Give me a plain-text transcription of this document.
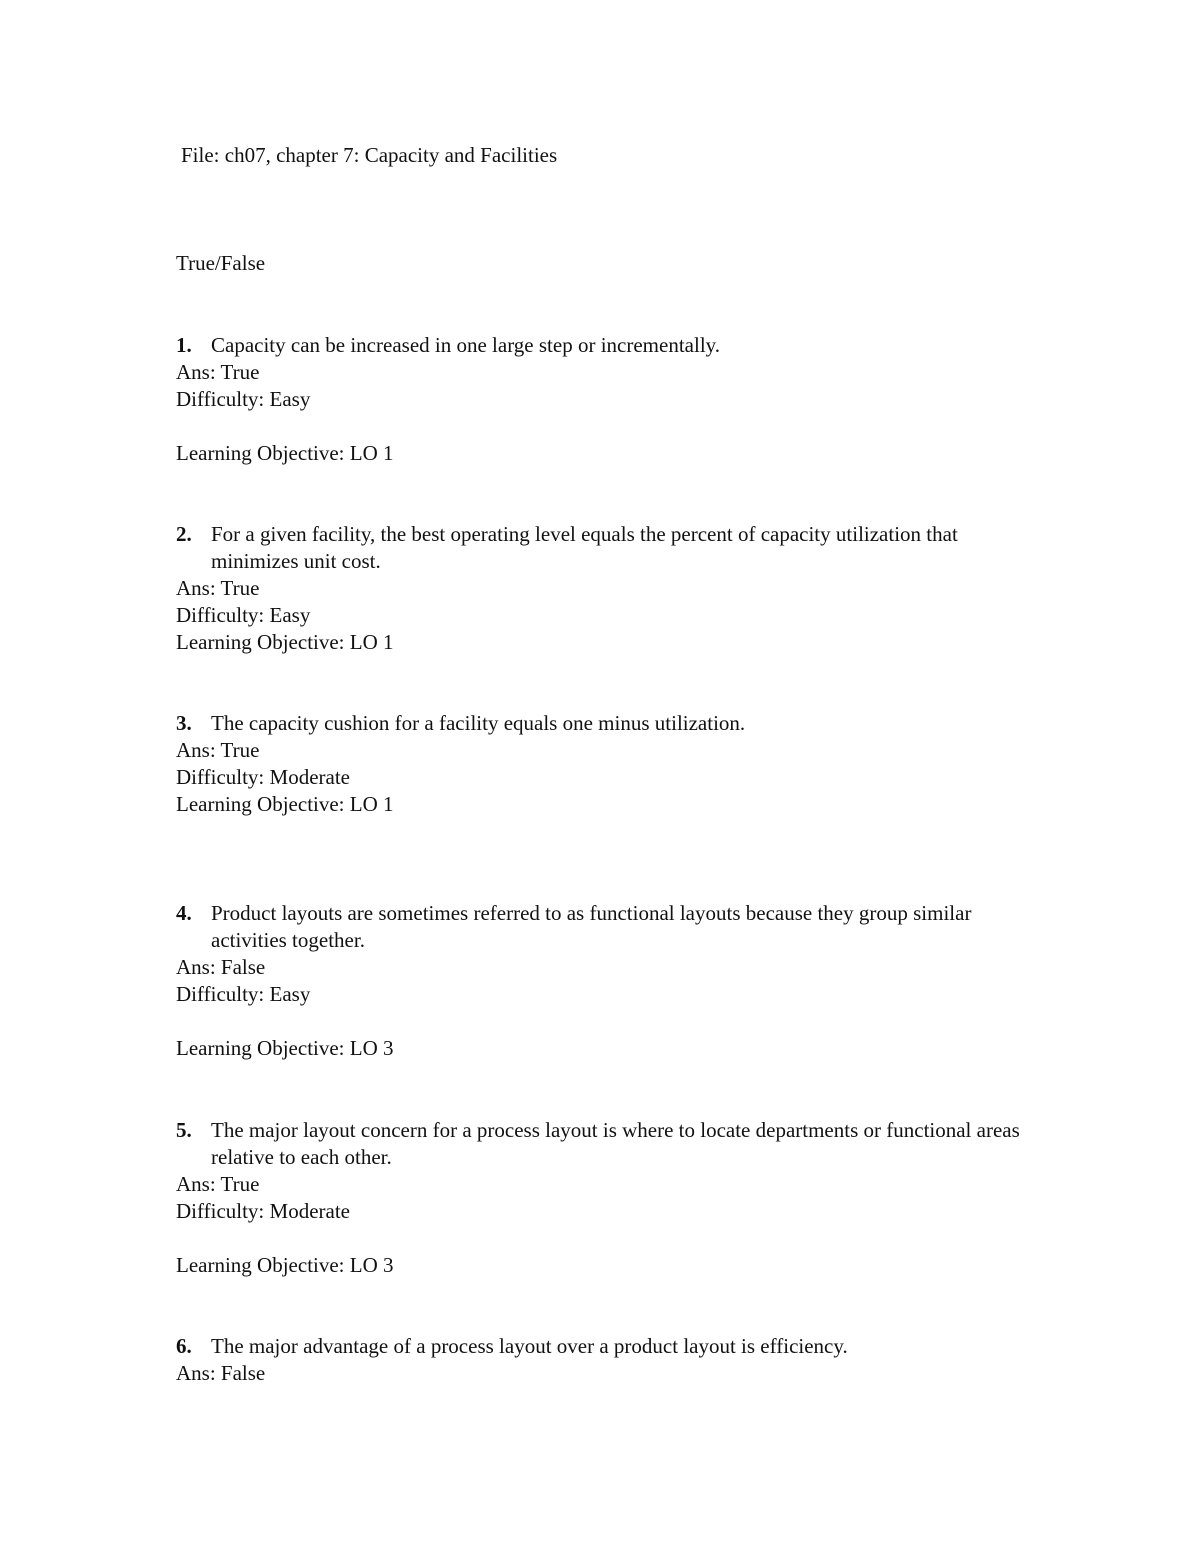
File: ch07, chapter 7: Capacity and Facilities

True/False

1. Capacity can be increased in one large step or incrementally.
Ans: True
Difficulty: Easy
Learning Objective: LO 1
2. For a given facility, the best operating level equals the percent of capacity utilization that minimizes unit cost.
Ans: True
Difficulty: Easy
Learning Objective: LO 1
3. The capacity cushion for a facility equals one minus utilization.
Ans: True
Difficulty: Moderate
Learning Objective: LO 1
4. Product layouts are sometimes referred to as functional layouts because they group similar activities together.
Ans: False
Difficulty: Easy
Learning Objective: LO 3
5. The major layout concern for a process layout is where to locate departments or functional areas relative to each other.
Ans: True
Difficulty: Moderate
Learning Objective: LO 3
6. The major advantage of a process layout over a product layout is efficiency.
Ans: False
